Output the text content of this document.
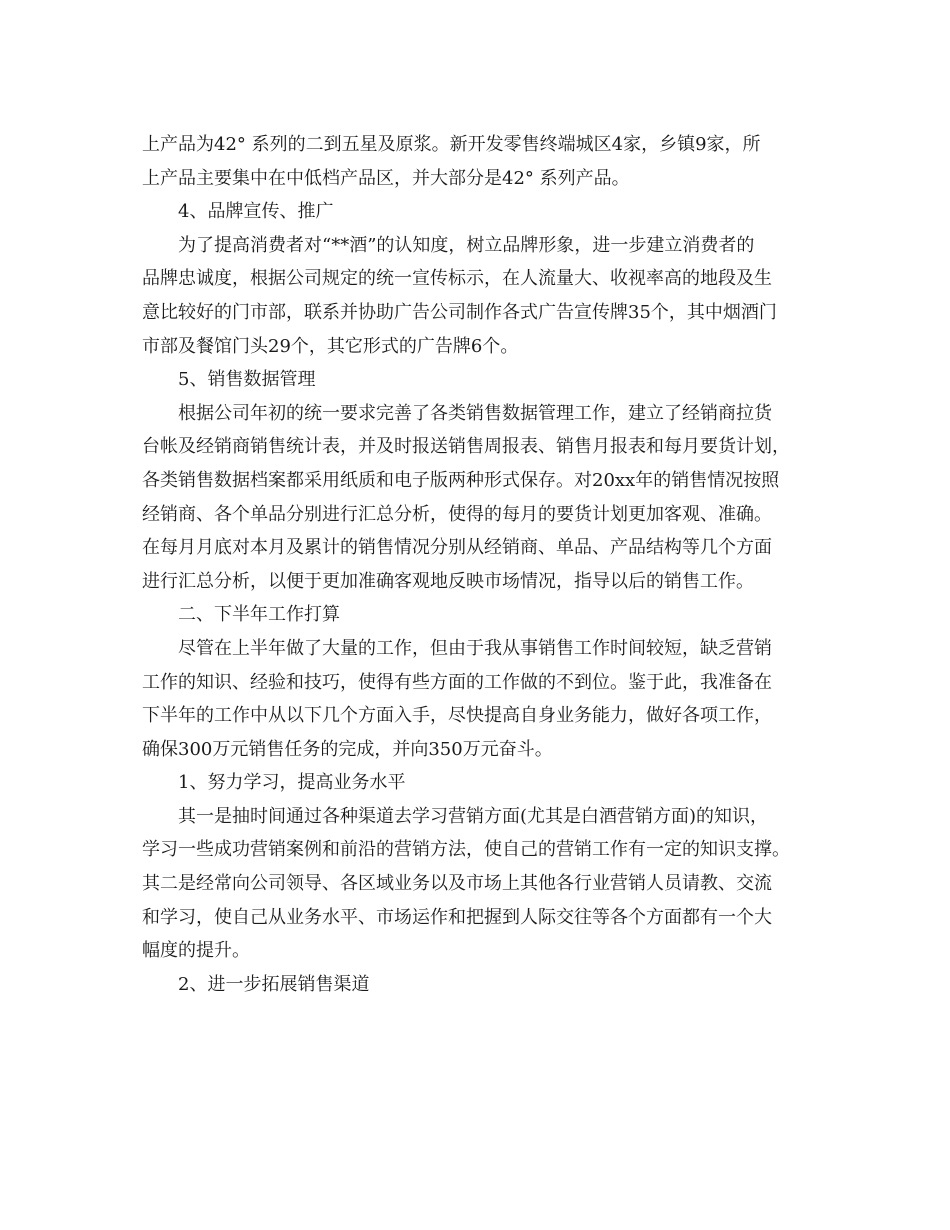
上产品为42° 系列的二到五星及原浆。新开发零售终端城区4家，乡镇9家，所

上产品主要集中在中低档产品区，并大部分是42° 系列产品。

4、品牌宣传、推广

为了提高消费者对“**酒”的认知度，树立品牌形象，进一步建立消费者的

品牌忠诚度，根据公司规定的统一宣传标示，在人流量大、收视率高的地段及生

意比较好的门市部，联系并协助广告公司制作各式广告宣传牌35个，其中烟酒门

市部及餐馆门头29个，其它形式的广告牌6个。

5、销售数据管理

根据公司年初的统一要求完善了各类销售数据管理工作，建立了经销商拉货

台帐及经销商销售统计表，并及时报送销售周报表、销售月报表和每月要货计划，

各类销售数据档案都采用纸质和电子版两种形式保存。对20xx年的销售情况按照

经销商、各个单品分别进行汇总分析，使得的每月的要货计划更加客观、准确。

在每月月底对本月及累计的销售情况分别从经销商、单品、产品结构等几个方面

进行汇总分析，以便于更加准确客观地反映市场情况，指导以后的销售工作。

二、下半年工作打算

尽管在上半年做了大量的工作，但由于我从事销售工作时间较短，缺乏营销

工作的知识、经验和技巧，使得有些方面的工作做的不到位。鉴于此，我准备在

下半年的工作中从以下几个方面入手，尽快提高自身业务能力，做好各项工作，

确保300万元销售任务的完成，并向350万元奋斗。

1、努力学习，提高业务水平

其一是抽时间通过各种渠道去学习营销方面(尤其是白酒营销方面)的知识，

学习一些成功营销案例和前沿的营销方法，使自己的营销工作有一定的知识支撑。

其二是经常向公司领导、各区域业务以及市场上其他各行业营销人员请教、交流

和学习，使自己从业务水平、市场运作和把握到人际交往等各个方面都有一个大

幅度的提升。

2、进一步拓展销售渠道
